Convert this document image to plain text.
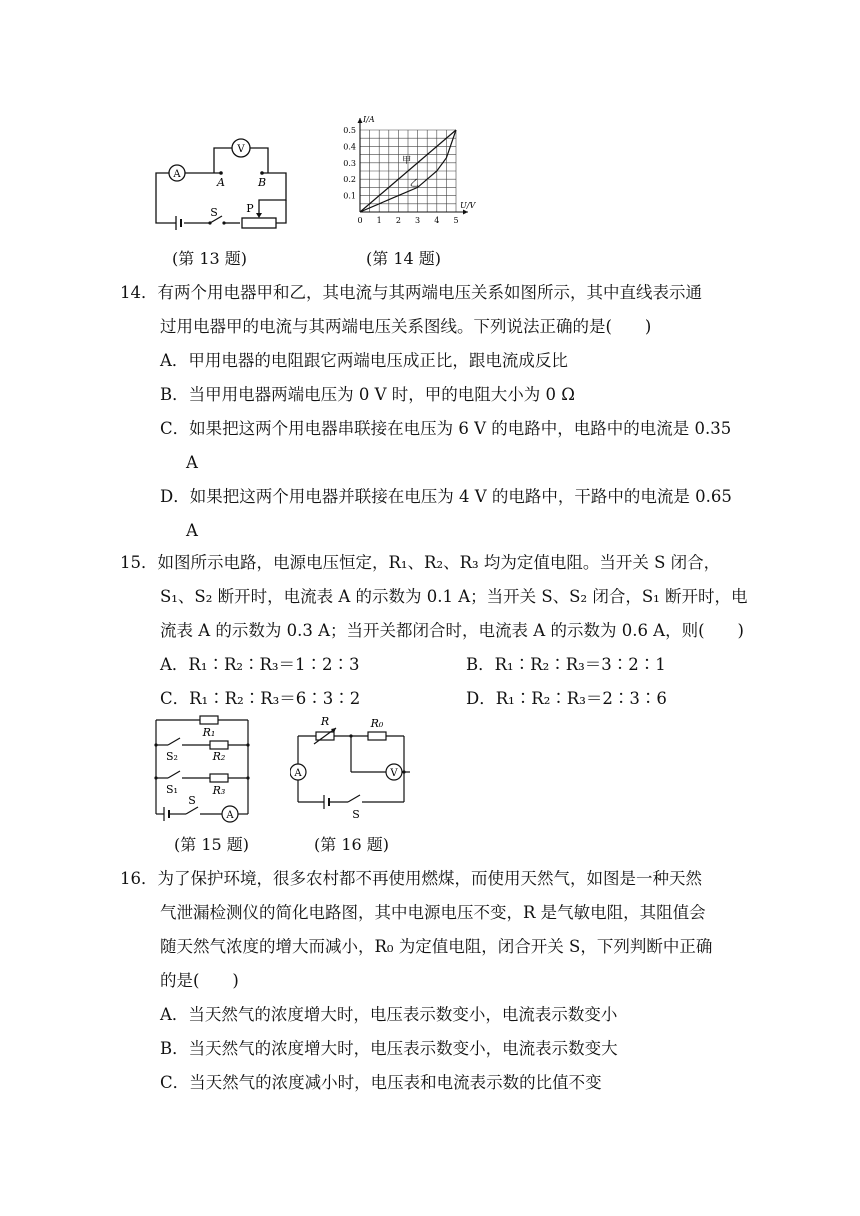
A
V
A	B
S	P
(第 13 题)
U/V
I/A
0 1 2 3 4 5
0.1
0.2
0.3
0.4
0.5
甲
乙
(第 14 题)
14．有两个用电器甲和乙，其电流与其两端电压关系如图所示，其中直线表示通
过用电器甲的电流与其两端电压关系图线。下列说法正确的是(　　)
A．甲用电器的电阻跟它两端电压成正比，跟电流成反比
B．当甲用电器两端电压为 0 V 时，甲的电阻大小为 0 Ω
C．如果把这两个用电器串联接在电压为 6 V 的电路中，电路中的电流是 0.35
A
D．如果把这两个用电器并联接在电压为 4 V 的电路中，干路中的电流是 0.65
A
15．如图所示电路，电源电压恒定，R₁、R₂、R₃ 均为定值电阻。当开关 S 闭合，
S₁、S₂ 断开时，电流表 A 的示数为 0.1 A；当开关 S、S₂ 闭合，S₁ 断开时，电
流表 A 的示数为 0.3 A；当开关都闭合时，电流表 A 的示数为 0.6 A，则(　　)
A．R₁∶R₂∶R₃＝1∶2∶3	B．R₁∶R₂∶R₃＝3∶2∶1
C．R₁∶R₂∶R₃＝6∶3∶2	D．R₁∶R₂∶R₃＝2∶3∶6
A
R₁
R₂
R₃
S₂
S₁
S
(第 15 题)
A	V
R	R₀
S
(第 16 题)
16．为了保护环境，很多农村都不再使用燃煤，而使用天然气，如图是一种天然
气泄漏检测仪的简化电路图，其中电源电压不变，R 是气敏电阻，其阻值会
随天然气浓度的增大而减小，R₀ 为定值电阻，闭合开关 S，下列判断中正确
的是(　　)
A．当天然气的浓度增大时，电压表示数变小，电流表示数变小
B．当天然气的浓度增大时，电压表示数变小，电流表示数变大
C．当天然气的浓度减小时，电压表和电流表示数的比值不变
